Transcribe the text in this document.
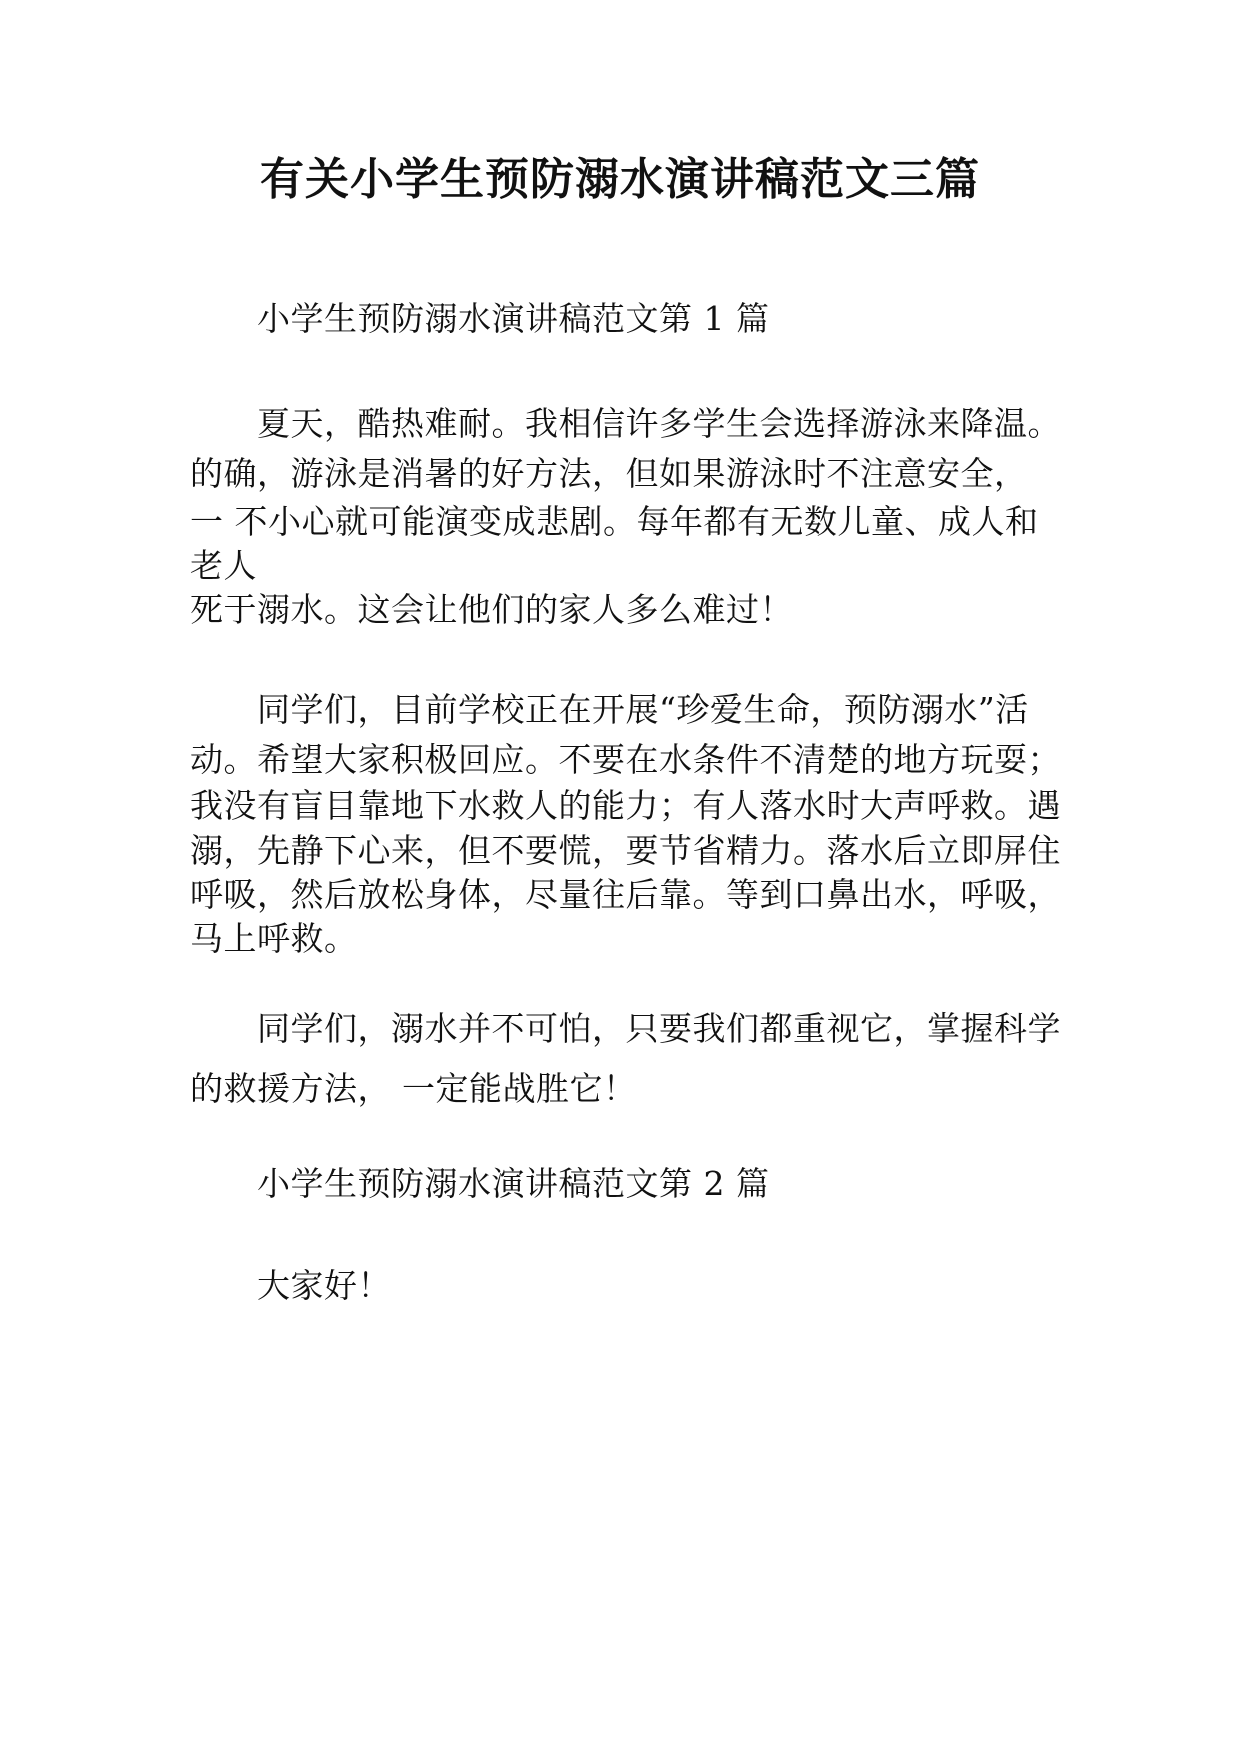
有关小学生预防溺水演讲稿范文三篇
小学生预防溺水演讲稿范文第 1 篇
夏天，酷热难耐。我相信许多学生会选择游泳来降温。
的确，游泳是消暑的好方法，但如果游泳时不注意安全，
一 不小心就可能演变成悲剧。每年都有无数儿童、成人和
老人
死于溺水。这会让他们的家人多么难过！
同学们，目前学校正在开展“珍爱生命，预防溺水”活
动。希望大家积极回应。不要在水条件不清楚的地方玩耍；
我没有盲目靠地下水救人的能力；有人落水时大声呼救。遇
溺，先静下心来，但不要慌，要节省精力。落水后立即屏住
呼吸，然后放松身体，尽量往后靠。等到口鼻出水，呼吸，
马上呼救。
同学们，溺水并不可怕，只要我们都重视它，掌握科学
的救援方法， 一定能战胜它！
小学生预防溺水演讲稿范文第 2 篇
大家好！
